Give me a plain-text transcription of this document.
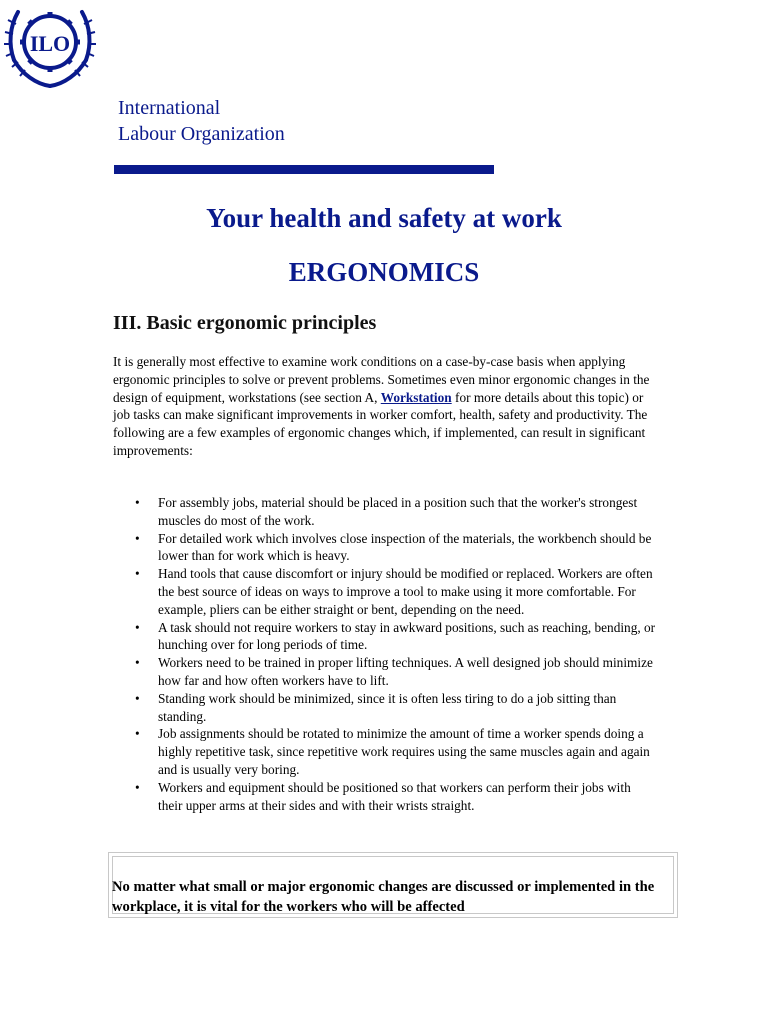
ILO
International
Labour Organization
Your health and safety at work
ERGONOMICS
III. Basic ergonomic principles
It is generally most effective to examine work conditions on a case-by-case basis when applying ergonomic principles to solve or prevent problems. Sometimes even minor ergonomic changes in the design of equipment, workstations (see section A, Workstation for more details about this topic) or job tasks can make significant improvements in worker comfort, health, safety and productivity. The following are a few examples of ergonomic changes which, if implemented, can result in significant improvements:
• For assembly jobs, material should be placed in a position such that the worker's strongest muscles do most of the work.
• For detailed work which involves close inspection of the materials, the workbench should be lower than for work which is heavy.
• Hand tools that cause discomfort or injury should be modified or replaced. Workers are often the best source of ideas on ways to improve a tool to make using it more comfortable. For example, pliers can be either straight or bent, depending on the need.
• A task should not require workers to stay in awkward positions, such as reaching, bending, or hunching over for long periods of time.
• Workers need to be trained in proper lifting techniques. A well designed job should minimize how far and how often workers have to lift.
• Standing work should be minimized, since it is often less tiring to do a job sitting than standing.
• Job assignments should be rotated to minimize the amount of time a worker spends doing a highly repetitive task, since repetitive work requires using the same muscles again and again and is usually very boring.
• Workers and equipment should be positioned so that workers can perform their jobs with their upper arms at their sides and with their wrists straight.
No matter what small or major ergonomic changes are discussed or implemented in the workplace, it is vital for the workers who will be affected
